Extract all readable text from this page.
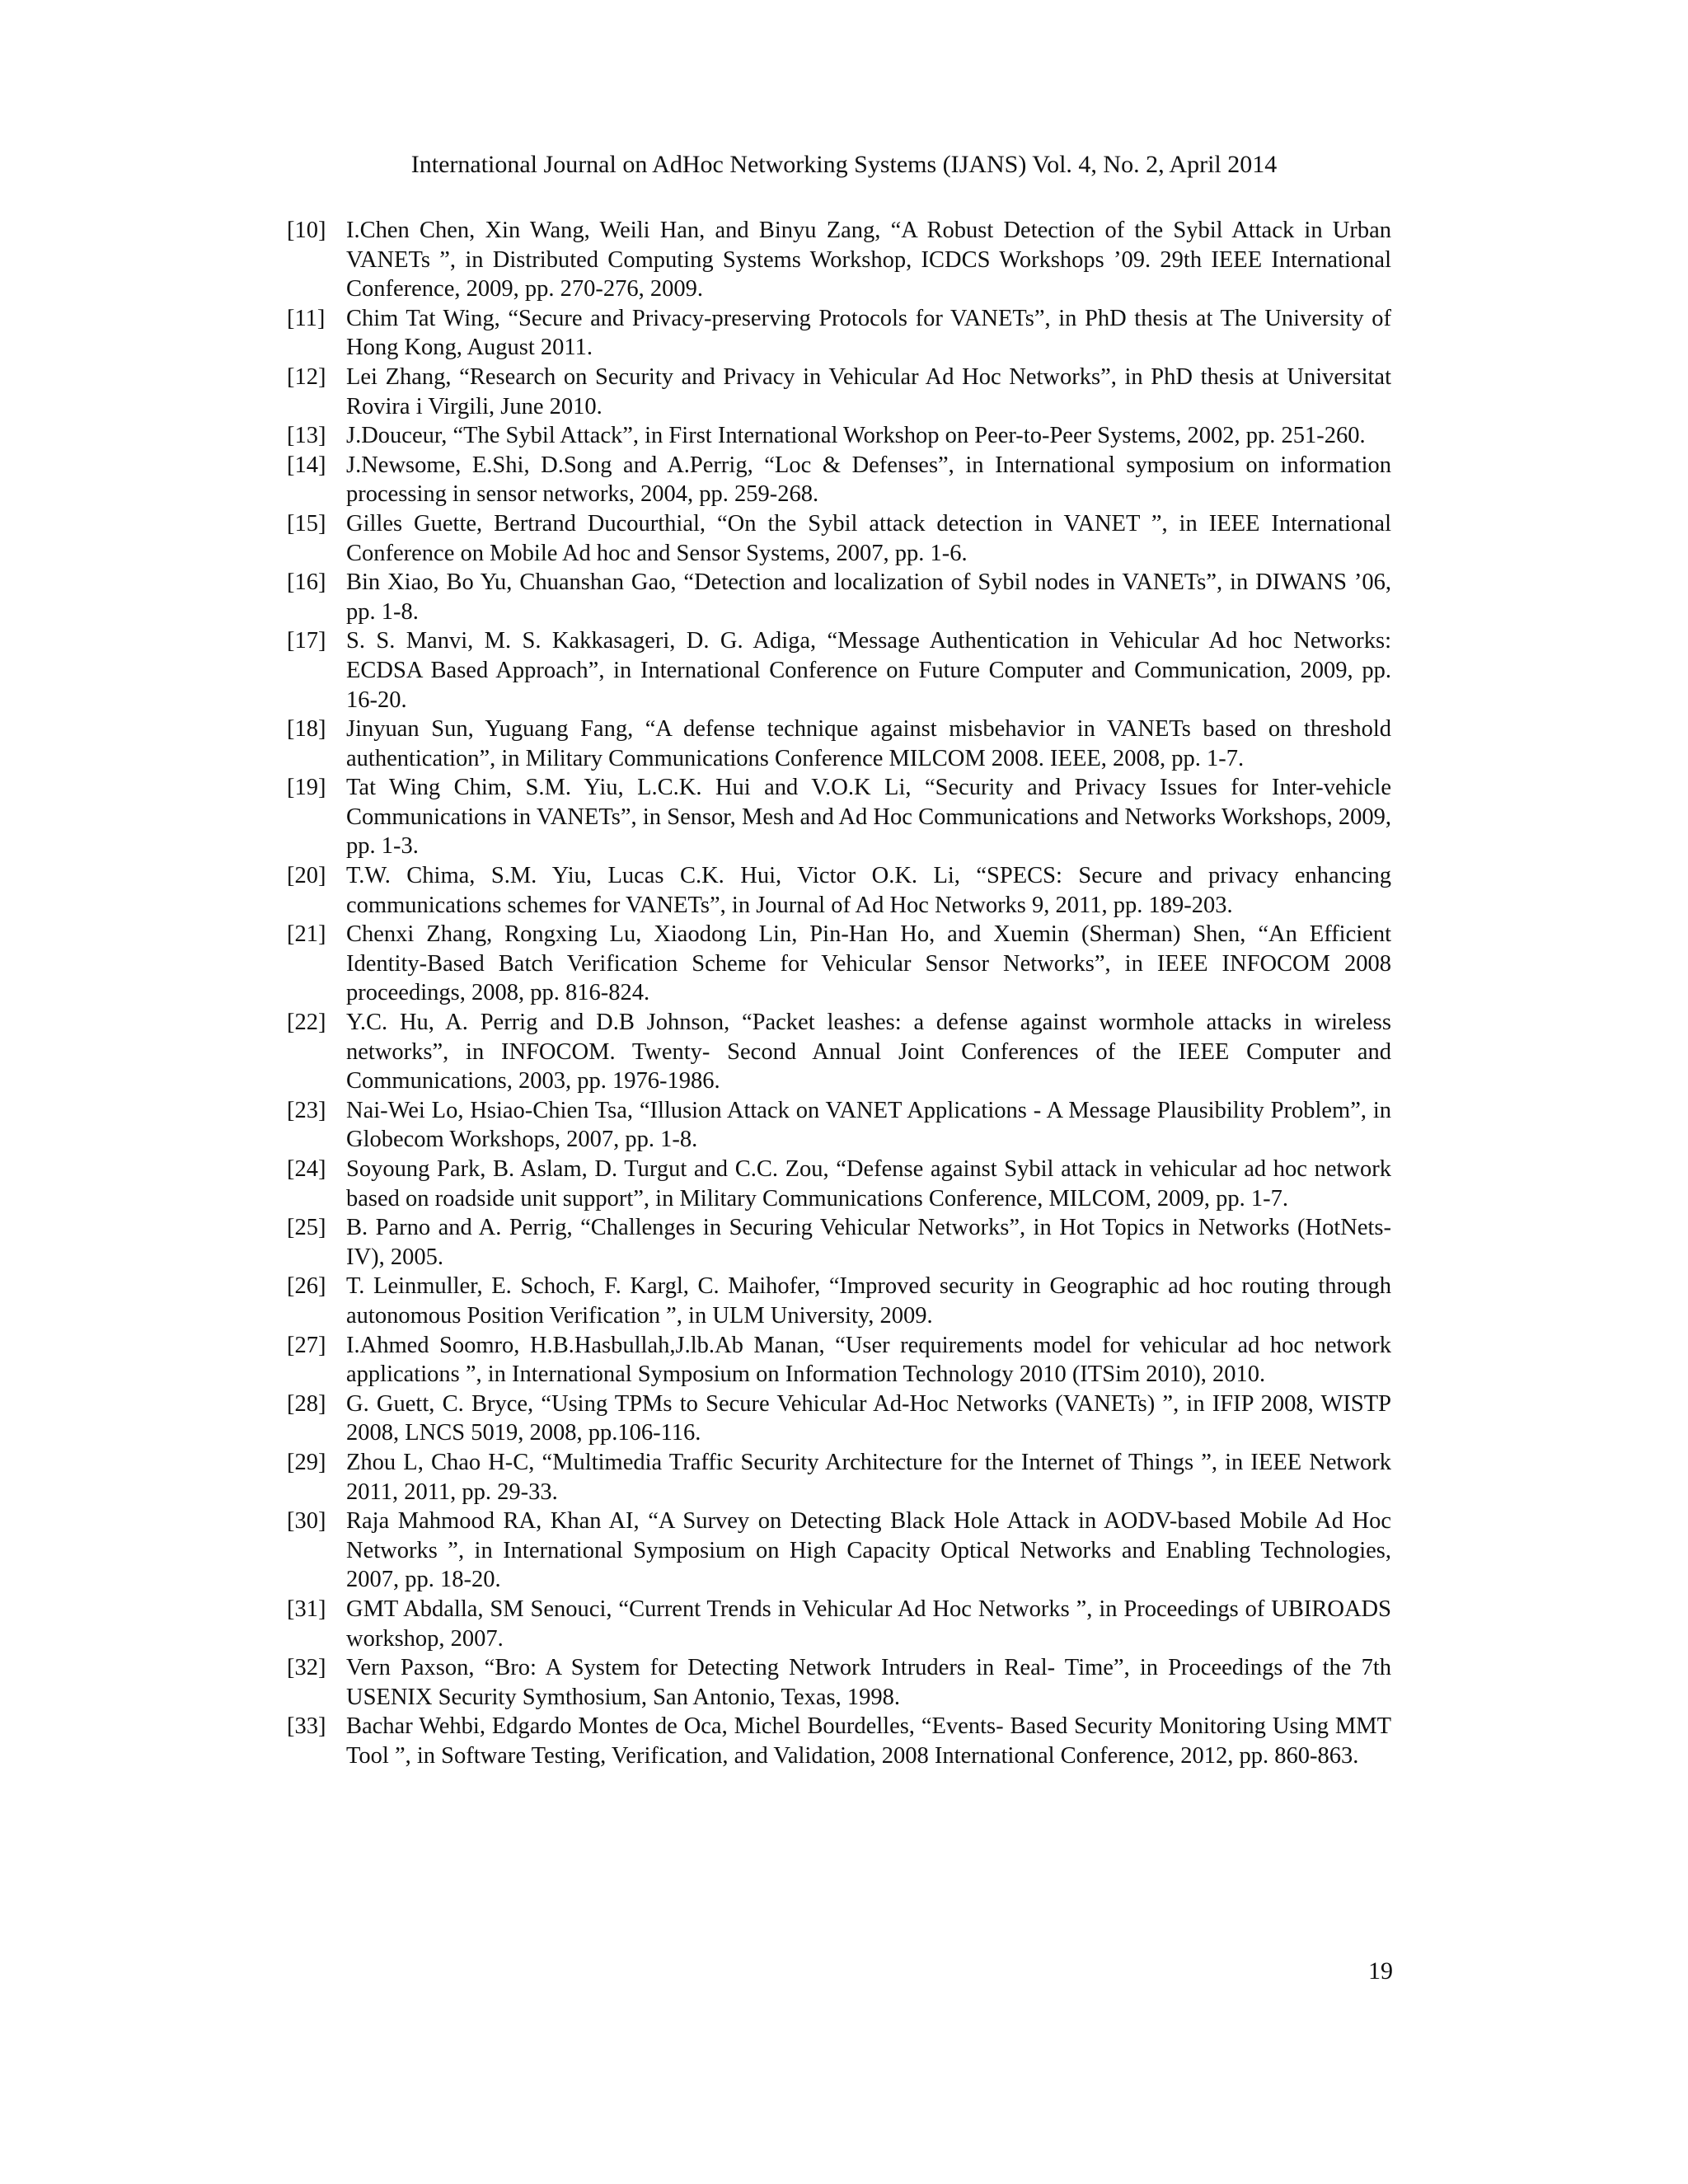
International Journal on AdHoc Networking Systems (IJANS) Vol. 4, No. 2, April 2014
[10] I.Chen Chen, Xin Wang, Weili Han, and Binyu Zang, “A Robust Detection of the Sybil Attack in Urban VANETs ”, in Distributed Computing Systems Workshop, ICDCS Workshops ’09. 29th IEEE International Conference, 2009, pp. 270-276, 2009.
[11] Chim Tat Wing, “Secure and Privacy-preserving Protocols for VANETs”, in PhD thesis at The University of Hong Kong, August 2011.
[12] Lei Zhang, “Research on Security and Privacy in Vehicular Ad Hoc Networks”, in PhD thesis at Universitat Rovira i Virgili, June 2010.
[13] J.Douceur, “The Sybil Attack”, in First International Workshop on Peer-to-Peer Systems, 2002, pp. 251-260.
[14] J.Newsome, E.Shi, D.Song and A.Perrig, “Loc & Defenses”, in International symposium on information processing in sensor networks, 2004, pp. 259-268.
[15] Gilles Guette, Bertrand Ducourthial, “On the Sybil attack detection in VANET ”, in IEEE International Conference on Mobile Ad hoc and Sensor Systems, 2007, pp. 1-6.
[16] Bin Xiao, Bo Yu, Chuanshan Gao, “Detection and localization of Sybil nodes in VANETs”, in DIWANS ’06, pp. 1-8.
[17] S. S. Manvi, M. S. Kakkasageri, D. G. Adiga, “Message Authentication in Vehicular Ad hoc Networks: ECDSA Based Approach”, in International Conference on Future Computer and Communication, 2009, pp. 16-20.
[18] Jinyuan Sun, Yuguang Fang, “A defense technique against misbehavior in VANETs based on threshold authentication”, in Military Communications Conference MILCOM 2008. IEEE, 2008, pp. 1-7.
[19] Tat Wing Chim, S.M. Yiu, L.C.K. Hui and V.O.K Li, “Security and Privacy Issues for Inter-vehicle Communications in VANETs”, in Sensor, Mesh and Ad Hoc Communications and Networks Workshops, 2009, pp. 1-3.
[20] T.W. Chima, S.M. Yiu, Lucas C.K. Hui, Victor O.K. Li, “SPECS: Secure and privacy enhancing communications schemes for VANETs”, in Journal of Ad Hoc Networks 9, 2011, pp. 189-203.
[21] Chenxi Zhang, Rongxing Lu, Xiaodong Lin, Pin-Han Ho, and Xuemin (Sherman) Shen, “An Efficient Identity-Based Batch Verification Scheme for Vehicular Sensor Networks”, in IEEE INFOCOM 2008 proceedings, 2008, pp. 816-824.
[22] Y.C. Hu, A. Perrig and D.B Johnson, “Packet leashes: a defense against wormhole attacks in wireless networks”, in INFOCOM. Twenty- Second Annual Joint Conferences of the IEEE Computer and Communications, 2003, pp. 1976-1986.
[23] Nai-Wei Lo, Hsiao-Chien Tsa, “Illusion Attack on VANET Applications - A Message Plausibility Problem”, in Globecom Workshops, 2007, pp. 1-8.
[24] Soyoung Park, B. Aslam, D. Turgut and C.C. Zou, “Defense against Sybil attack in vehicular ad hoc network based on roadside unit support”, in Military Communications Conference, MILCOM, 2009, pp. 1-7.
[25] B. Parno and A. Perrig, “Challenges in Securing Vehicular Networks”, in Hot Topics in Networks (HotNets-IV), 2005.
[26] T. Leinmuller, E. Schoch, F. Kargl, C. Maihofer, “Improved security in Geographic ad hoc routing through autonomous Position Verification ”, in ULM University, 2009.
[27] I.Ahmed Soomro, H.B.Hasbullah,J.lb.Ab Manan, “User requirements model for vehicular ad hoc network applications ”, in International Symposium on Information Technology 2010 (ITSim 2010), 2010.
[28] G. Guett, C. Bryce, “Using TPMs to Secure Vehicular Ad-Hoc Networks (VANETs) ”, in IFIP 2008, WISTP 2008, LNCS 5019, 2008, pp.106-116.
[29] Zhou L, Chao H-C, “Multimedia Traffic Security Architecture for the Internet of Things ”, in IEEE Network 2011, 2011, pp. 29-33.
[30] Raja Mahmood RA, Khan AI, “A Survey on Detecting Black Hole Attack in AODV-based Mobile Ad Hoc Networks ”, in International Symposium on High Capacity Optical Networks and Enabling Technologies, 2007, pp. 18-20.
[31] GMT Abdalla, SM Senouci, “Current Trends in Vehicular Ad Hoc Networks ”, in Proceedings of UBIROADS workshop, 2007.
[32] Vern Paxson, “Bro: A System for Detecting Network Intruders in Real- Time”, in Proceedings of the 7th USENIX Security Symthosium, San Antonio, Texas, 1998.
[33] Bachar Wehbi, Edgardo Montes de Oca, Michel Bourdelles, “Events- Based Security Monitoring Using MMT Tool ”, in Software Testing, Verification, and Validation, 2008 International Conference, 2012, pp. 860-863.
19
